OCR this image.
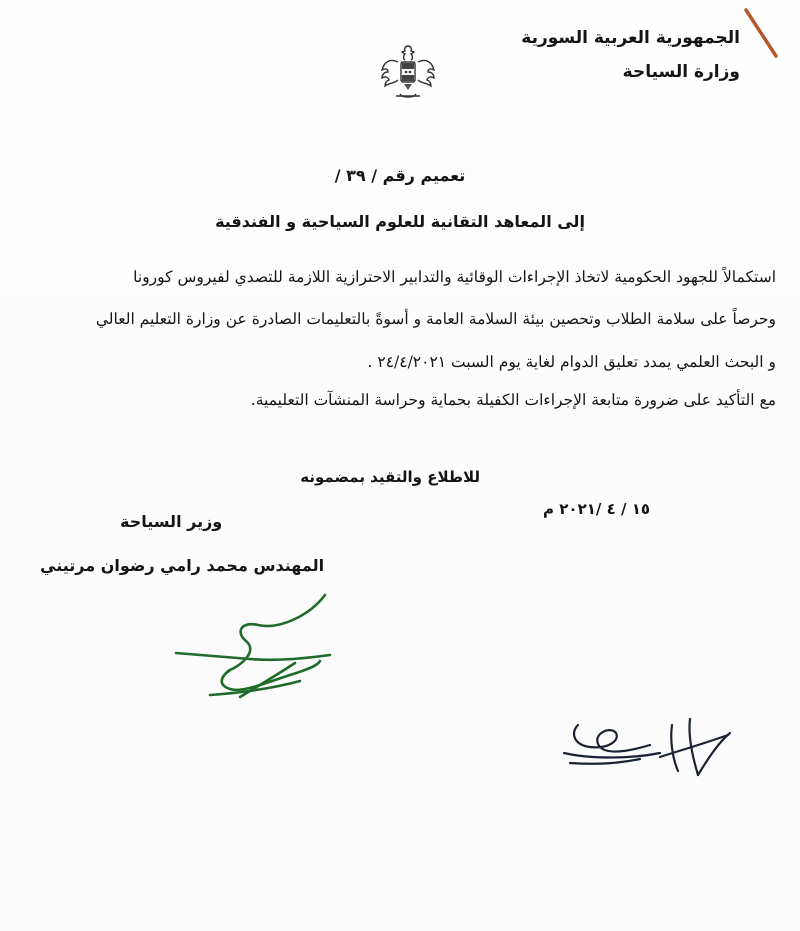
الجمهورية العربية السورية
وزارة السياحة
تعميم رقم / ٣٩ /
إلى المعاهد التقانية للعلوم السياحية و الفندقية
استكمالاً للجهود الحكومية لاتخاذ الإجراءات الوقائية والتدابير الاحترازية اللازمة للتصدي لفيروس كورونا
وحرصاً على سلامة الطلاب وتحصين بيئة السلامة العامة و أسوةً بالتعليمات الصادرة عن وزارة التعليم العالي
و البحث العلمي يمدد تعليق الدوام لغاية يوم السبت ٢٤/٤/٢٠٢١ .
مع التأكيد على ضرورة متابعة الإجراءات الكفيلة بحماية وحراسة المنشآت التعليمية.
للاطلاع والتقيد بمضمونه
١٥ / ٤ /٢٠٢١ م
وزير السياحة
المهندس محمد رامي رضوان مرتيني
